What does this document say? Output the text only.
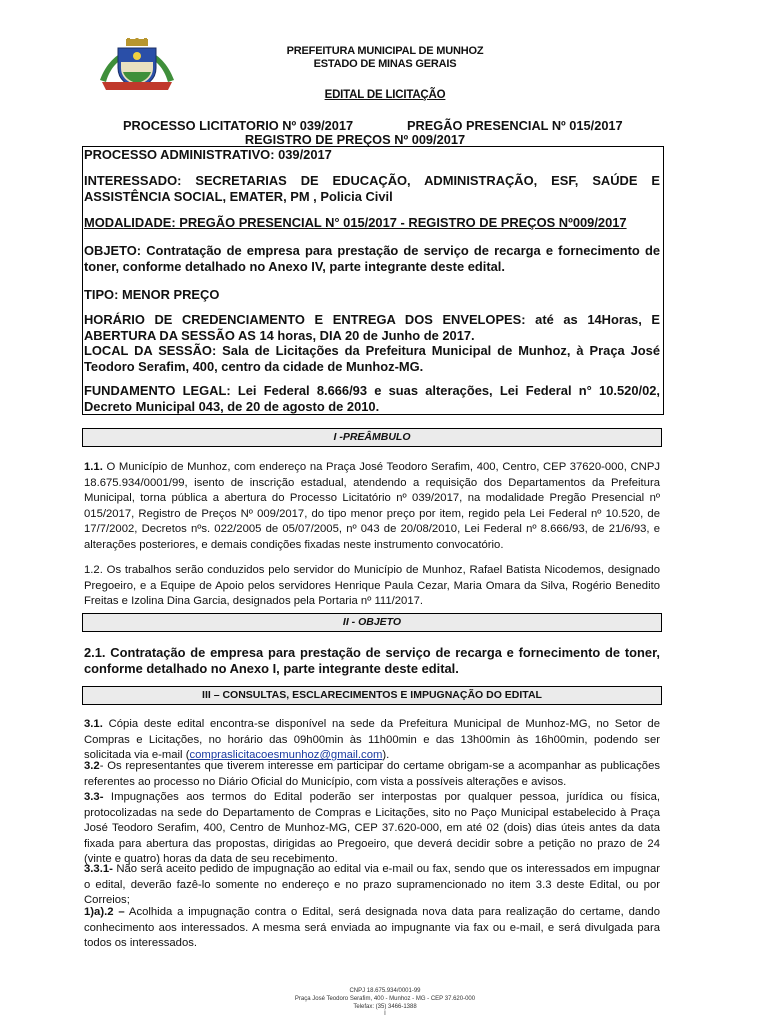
PREFEITURA MUNICIPAL DE MUNHOZ
ESTADO DE MINAS GERAIS
EDITAL DE LICITAÇÃO
PROCESSO LICITATORIO Nº 039/2017	PREGÃO PRESENCIAL Nº 015/2017
REGISTRO DE PREÇOS Nº 009/2017
PROCESSO ADMINISTRATIVO: 039/2017
INTERESSADO: SECRETARIAS DE EDUCAÇÃO, ADMINISTRAÇÃO, ESF, SAÚDE E ASSISTÊNCIA SOCIAL, EMATER, PM , Policia Civil
MODALIDADE: PREGÃO PRESENCIAL N° 015/2017 - REGISTRO DE PREÇOS Nº009/2017
OBJETO: Contratação de empresa para prestação de serviço de recarga e fornecimento de toner, conforme detalhado no Anexo IV, parte integrante deste edital.
TIPO: MENOR PREÇO
HORÁRIO DE CREDENCIAMENTO E ENTREGA DOS ENVELOPES: até as 14Horas, E ABERTURA DA SESSÃO AS 14 horas, DIA 20 de Junho de 2017.
LOCAL DA SESSÃO: Sala de Licitações da Prefeitura Municipal de Munhoz, à Praça José Teodoro Serafim, 400, centro da cidade de Munhoz-MG.
FUNDAMENTO LEGAL: Lei Federal 8.666/93 e suas alterações, Lei Federal n° 10.520/02, Decreto Municipal 043, de 20 de agosto de 2010.
I -PREÂMBULO
1.1. O Município de Munhoz, com endereço na Praça José Teodoro Serafim, 400, Centro, CEP 37620-000, CNPJ 18.675.934/0001/99, isento de inscrição estadual, atendendo a requisição dos Departamentos da Prefeitura Municipal, torna pública a abertura do Processo Licitatório nº 039/2017, na modalidade Pregão Presencial nº 015/2017, Registro de Preços Nº 009/2017, do tipo menor preço por item, regido pela Lei Federal nº 10.520, de 17/7/2002, Decretos nºs. 022/2005 de 05/07/2005, nº 043 de 20/08/2010, Lei Federal nº 8.666/93, de 21/6/93, e alterações posteriores, e demais condições fixadas neste instrumento convocatório.
1.2. Os trabalhos serão conduzidos pelo servidor do Município de Munhoz, Rafael Batista Nicodemos, designado Pregoeiro, e a Equipe de Apoio pelos servidores Henrique Paula Cezar, Maria Omara da Silva, Rogério Benedito Freitas e Izolina Dina Garcia, designados pela Portaria nº 111/2017.
II - OBJETO
2.1. Contratação de empresa para prestação de serviço de recarga e fornecimento de toner, conforme detalhado no Anexo I, parte integrante deste edital.
III – CONSULTAS, ESCLARECIMENTOS E IMPUGNAÇÃO DO EDITAL
3.1. Cópia deste edital encontra-se disponível na sede da Prefeitura Municipal de Munhoz-MG, no Setor de Compras e Licitações, no horário das 09h00min às 11h00min e das 13h00min às 16h00min, podendo ser solicitada via e-mail (compraslicitacoesmunhoz@gmail.com).
3.2- Os representantes que tiverem interesse em participar do certame obrigam-se a acompanhar as publicações referentes ao processo no Diário Oficial do Município, com vista a possíveis alterações e avisos.
3.3- Impugnações aos termos do Edital poderão ser interpostas por qualquer pessoa, jurídica ou física, protocolizadas na sede do Departamento de Compras e Licitações, sito no Paço Municipal estabelecido à Praça José Teodoro Serafim, 400, Centro de Munhoz-MG, CEP 37.620-000, em até 02 (dois) dias úteis antes da data fixada para abertura das propostas, dirigidas ao Pregoeiro, que deverá decidir sobre a petição no prazo de 24 (vinte e quatro) horas da data de seu recebimento.
3.3.1- Não será aceito pedido de impugnação ao edital via e-mail ou fax, sendo que os interessados em impugnar o edital, deverão fazê-lo somente no endereço e no prazo supramencionado no item 3.3 deste Edital, ou por Correios;
1)a).2 – Acolhida a impugnação contra o Edital, será designada nova data para realização do certame, dando conhecimento aos interessados. A mesma será enviada ao impugnante via fax ou e-mail, e será divulgada para todos os interessados.
CNPJ 18.675.934/0001-99
Praça José Teodoro Serafim, 400 - Munhoz - MG - CEP 37.620-000
Telefax: (35) 3466-1388
I
